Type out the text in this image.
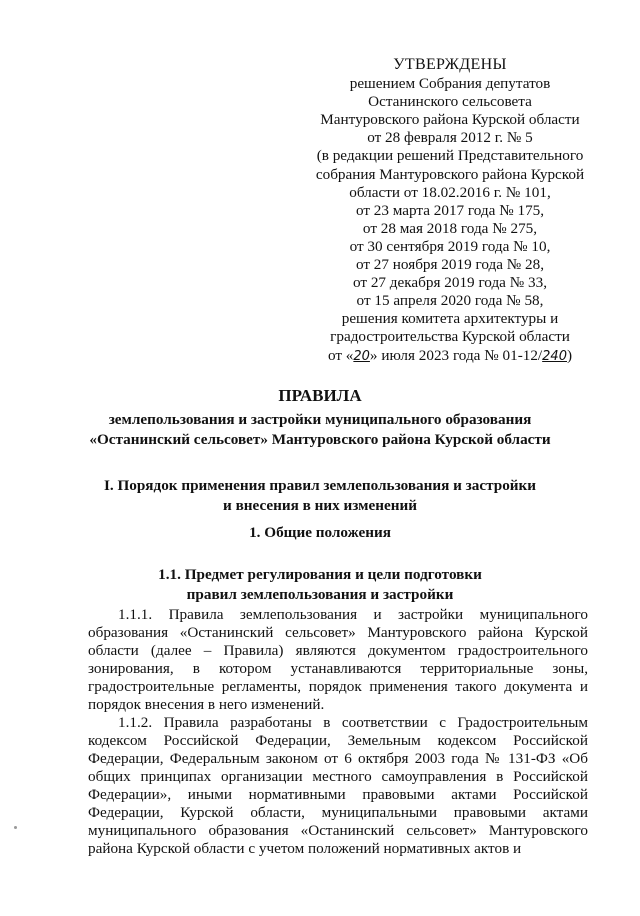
УТВЕРЖДЕНЫ
решением Собрания депутатов
Останинского сельсовета
Мантуровского района Курской области
от 28 февраля 2012 г. № 5
(в редакции решений Представительного
собрания Мантуровского района Курской
области от 18.02.2016 г. № 101,
от 23 марта 2017 года № 175,
от 28 мая 2018 года № 275,
от 30 сентября 2019 года № 10,
от 27 ноября 2019 года № 28,
от 27 декабря 2019 года № 33,
от 15 апреля 2020 года № 58,
решения комитета архитектуры и
градостроительства Курской области
от «20» июля 2023 года № 01-12/240)
ПРАВИЛА
землепользования и застройки муниципального образования
«Останинский сельсовет» Мантуровского района Курской области
I. Порядок применения правил землепользования и застройки
и внесения в них изменений
1. Общие положения
1.1. Предмет регулирования и цели подготовки
правил землепользования и застройки

1.1.1. Правила землепользования и застройки муниципального образования «Останинский сельсовет» Мантуровского района Курской области (далее – Правила) являются документом градостроительного зонирования, в котором устанавливаются территориальные зоны, градостроительные регламенты, порядок применения такого документа и порядок внесения в него изменений.

1.1.2. Правила разработаны в соответствии с Градостроительным кодексом Российской Федерации, Земельным кодексом Российской Федерации, Федеральным законом от 6 октября 2003 года № 131-ФЗ «Об общих принципах организации местного самоуправления в Российской Федерации», иными нормативными правовыми актами Российской Федерации, Курской области, муниципальными правовыми актами муниципального образования «Останинский сельсовет» Мантуровского района Курской области с учетом положений нормативных актов и
